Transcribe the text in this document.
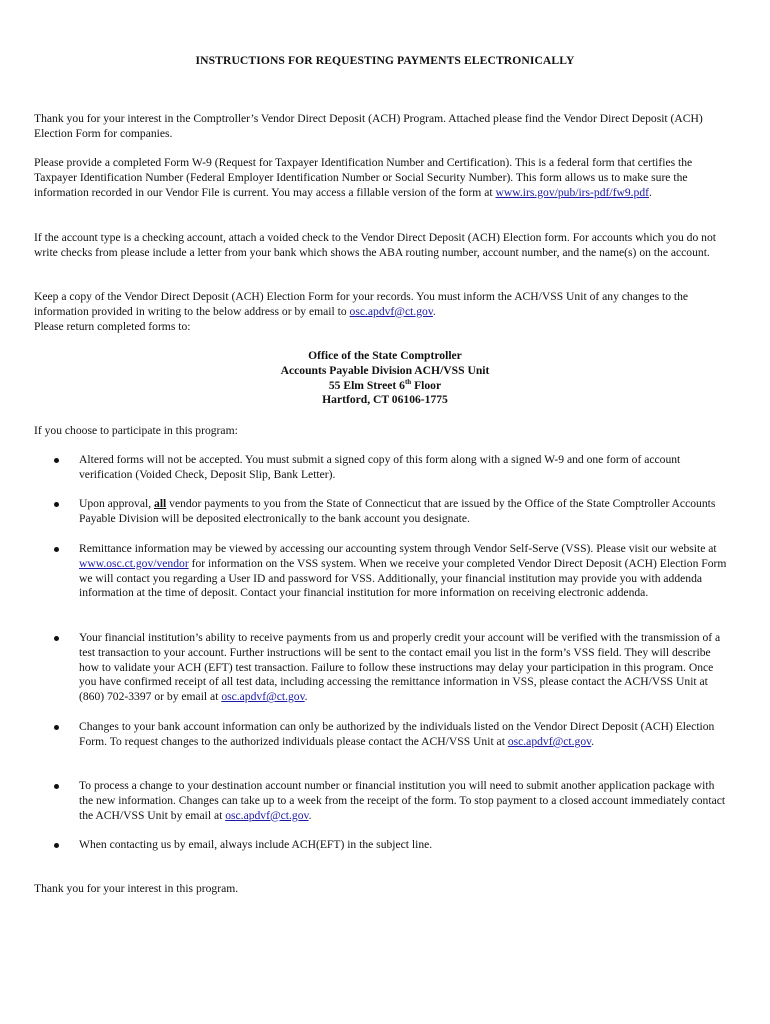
INSTRUCTIONS FOR REQUESTING PAYMENTS ELECTRONICALLY

Thank you for your interest in the Comptroller’s Vendor Direct Deposit (ACH) Program. Attached please find the Vendor Direct Deposit (ACH) Election Form for companies.

Please provide a completed Form W-9 (Request for Taxpayer Identification Number and Certification). This is a federal form that certifies the Taxpayer Identification Number (Federal Employer Identification Number or Social Security Number). This form allows us to make sure the information recorded in our Vendor File is current. You may access a fillable version of the form at www.irs.gov/pub/irs-pdf/fw9.pdf.

If the account type is a checking account, attach a voided check to the Vendor Direct Deposit (ACH) Election form. For accounts which you do not write checks from please include a letter from your bank which shows the ABA routing number, account number, and the name(s) on the account.

Keep a copy of the Vendor Direct Deposit (ACH) Election Form for your records. You must inform the ACH/VSS Unit of any changes to the information provided in writing to the below address or by email to osc.apdvf@ct.gov.
Please return completed forms to:

Office of the State Comptroller
Accounts Payable Division ACH/VSS Unit
55 Elm Street 6th Floor
Hartford, CT 06106-1775

If you choose to participate in this program:

Altered forms will not be accepted. You must submit a signed copy of this form along with a signed W-9 and one form of account verification (Voided Check, Deposit Slip, Bank Letter).

Upon approval, all vendor payments to you from the State of Connecticut that are issued by the Office of the State Comptroller Accounts Payable Division will be deposited electronically to the bank account you designate.

Remittance information may be viewed by accessing our accounting system through Vendor Self-Serve (VSS). Please visit our website at www.osc.ct.gov/vendor for information on the VSS system. When we receive your completed Vendor Direct Deposit (ACH) Election Form we will contact you regarding a User ID and password for VSS. Additionally, your financial institution may provide you with addenda information at the time of deposit. Contact your financial institution for more information on receiving electronic addenda.

Your financial institution’s ability to receive payments from us and properly credit your account will be verified with the transmission of a test transaction to your account. Further instructions will be sent to the contact email you list in the form’s VSS field. They will describe how to validate your ACH (EFT) test transaction. Failure to follow these instructions may delay your participation in this program. Once you have confirmed receipt of all test data, including accessing the remittance information in VSS, please contact the ACH/VSS Unit at (860) 702-3397 or by email at osc.apdvf@ct.gov.

Changes to your bank account information can only be authorized by the individuals listed on the Vendor Direct Deposit (ACH) Election Form. To request changes to the authorized individuals please contact the ACH/VSS Unit at osc.apdvf@ct.gov.

To process a change to your destination account number or financial institution you will need to submit another application package with the new information. Changes can take up to a week from the receipt of the form. To stop payment to a closed account immediately contact the ACH/VSS Unit by email at osc.apdvf@ct.gov.

When contacting us by email, always include ACH(EFT) in the subject line.

Thank you for your interest in this program.
